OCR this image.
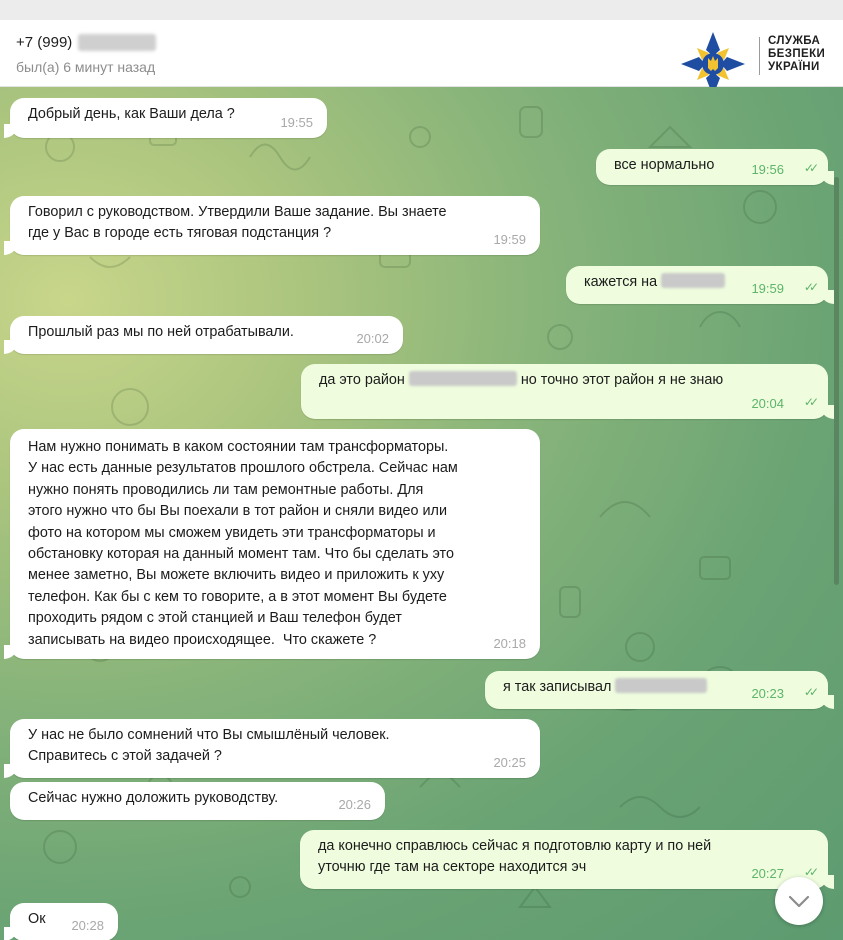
+7 (999)
был(а) 6 минут назад
СЛУЖБА
БЕЗПЕКИ
УКРАЇНИ
Добрый день, как Ваши дела ?
19:55
все нормально	19:56 ✓✓
Говорил с руководством. Утвердили Ваше задание. Вы знаете
где у Вас в городе есть тяговая подстанция ?	19:59
кажется на	19:59 ✓✓
Прошлый раз мы по ней отрабатывали.	20:02
да это район	но точно этот район я не знаю
20:04 ✓✓
Нам нужно понимать в каком состоянии там трансформаторы.
У нас есть данные результатов прошлого обстрела. Сейчас нам
нужно понять проводились ли там ремонтные работы. Для
этого нужно что бы Вы поехали в тот район и сняли видео или
фото на котором мы сможем увидеть эти трансформаторы и
обстановку которая на данный момент там. Что бы сделать это
менее заметно, Вы можете включить видео и приложить к уху
телефон. Как бы с кем то говорите, а в этот момент Вы будете
проходить рядом с этой станцией и Ваш телефон будет
записывать на видео происходящее.  Что скажете ?	20:18
я так записывал	20:23 ✓✓
У нас не было сомнений что Вы смышлёный человек.
Справитесь с этой задачей ?	20:25
Сейчас нужно доложить руководству.	20:26
да конечно справлюсь сейчас я подготовлю карту и по ней
уточню где там на секторе находится эч	20:27 ✓✓
Ок 20:28
